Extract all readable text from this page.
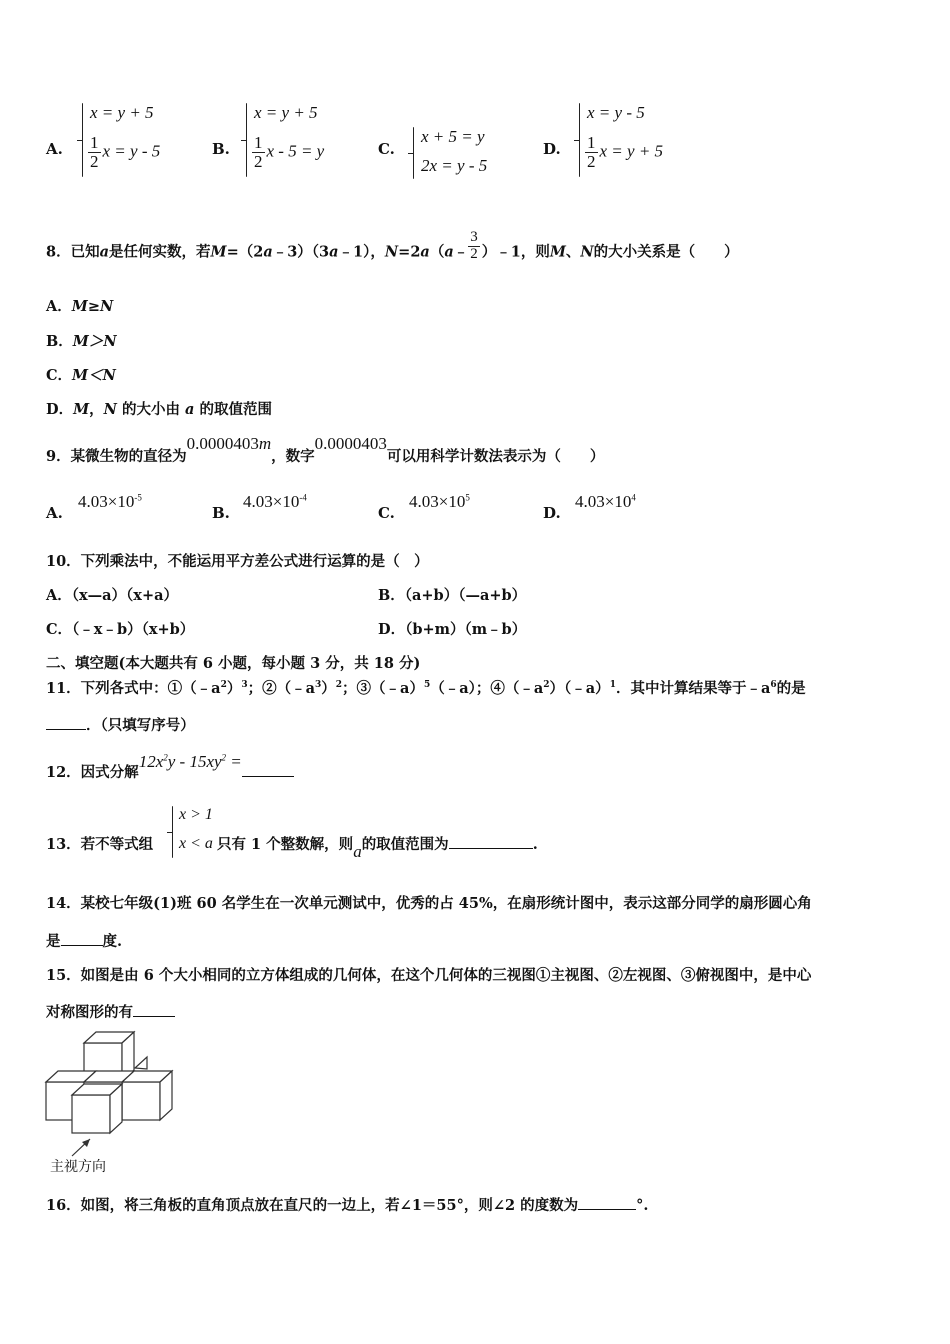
A.
x = y + 5
$\frac{1}{2}$ x = y - 5	B.
x = y + 5
$\frac{1}{2}$ x - 5 = y	C.
x + 5 = y
2x = y - 5
D.
x = y - 5
$\frac{1}{2}$ x = y + 5
8．已知a是任何实数，若M=（2a﹣3）（3a﹣1），N=2a（a﹣ $\frac{3}{2}$ ）﹣1，则M、N的大小关系是（　　）
A．M≥N
B．M＞N
C．M＜N
D．M，N 的大小由 a 的取值范围
9．某微生物的直径为0.0000403m，数字0.0000403可以用科学计数法表示为（　　）
A.
$4.03\times 10^{-5}$
B.
$4.03\times 10^{-4}$
C.
$4.03\times 10^5$
D.
$4.03\times 10^4$
10．下列乘法中，不能运用平方差公式进行运算的是（　）
A．（x—a）（x+a）	B．（a+b）（—a+b）
C．（﹣x﹣b）（x+b）	D．（b+m）（m﹣b）
二、填空题(本大题共有 6 小题，每小题 3 分，共 18 分)
11．下列各式中：$①(﹣a^2)^3$；$②(﹣a^3)^2$；③（﹣a）$^5$（﹣a）；$④(﹣a^2)(﹣a)^1$．其中计算结果等于$﹣a^6$的是
．（只填写序号）
12．因式分解$12x^2y - 15xy^2$ =
13．若不等式组
x > 1
x < a 只有 1 个整数解，则a的取值范围为	.
14．某校七年级(1)班 60 名学生在一次单元测试中，优秀的占 45%，在扇形统计图中，表示这部分同学的扇形圆心角
是	度.
15．如图是由 6 个大小相同的立方体组成的几何体，在这个几何体的三视图①主视图、②左视图、③俯视图中，是中心
对称图形的有
主视方向
16．如图，将三角板的直角顶点放在直尺的一边上，若∠1＝55°，则∠2 的度数为	°.
